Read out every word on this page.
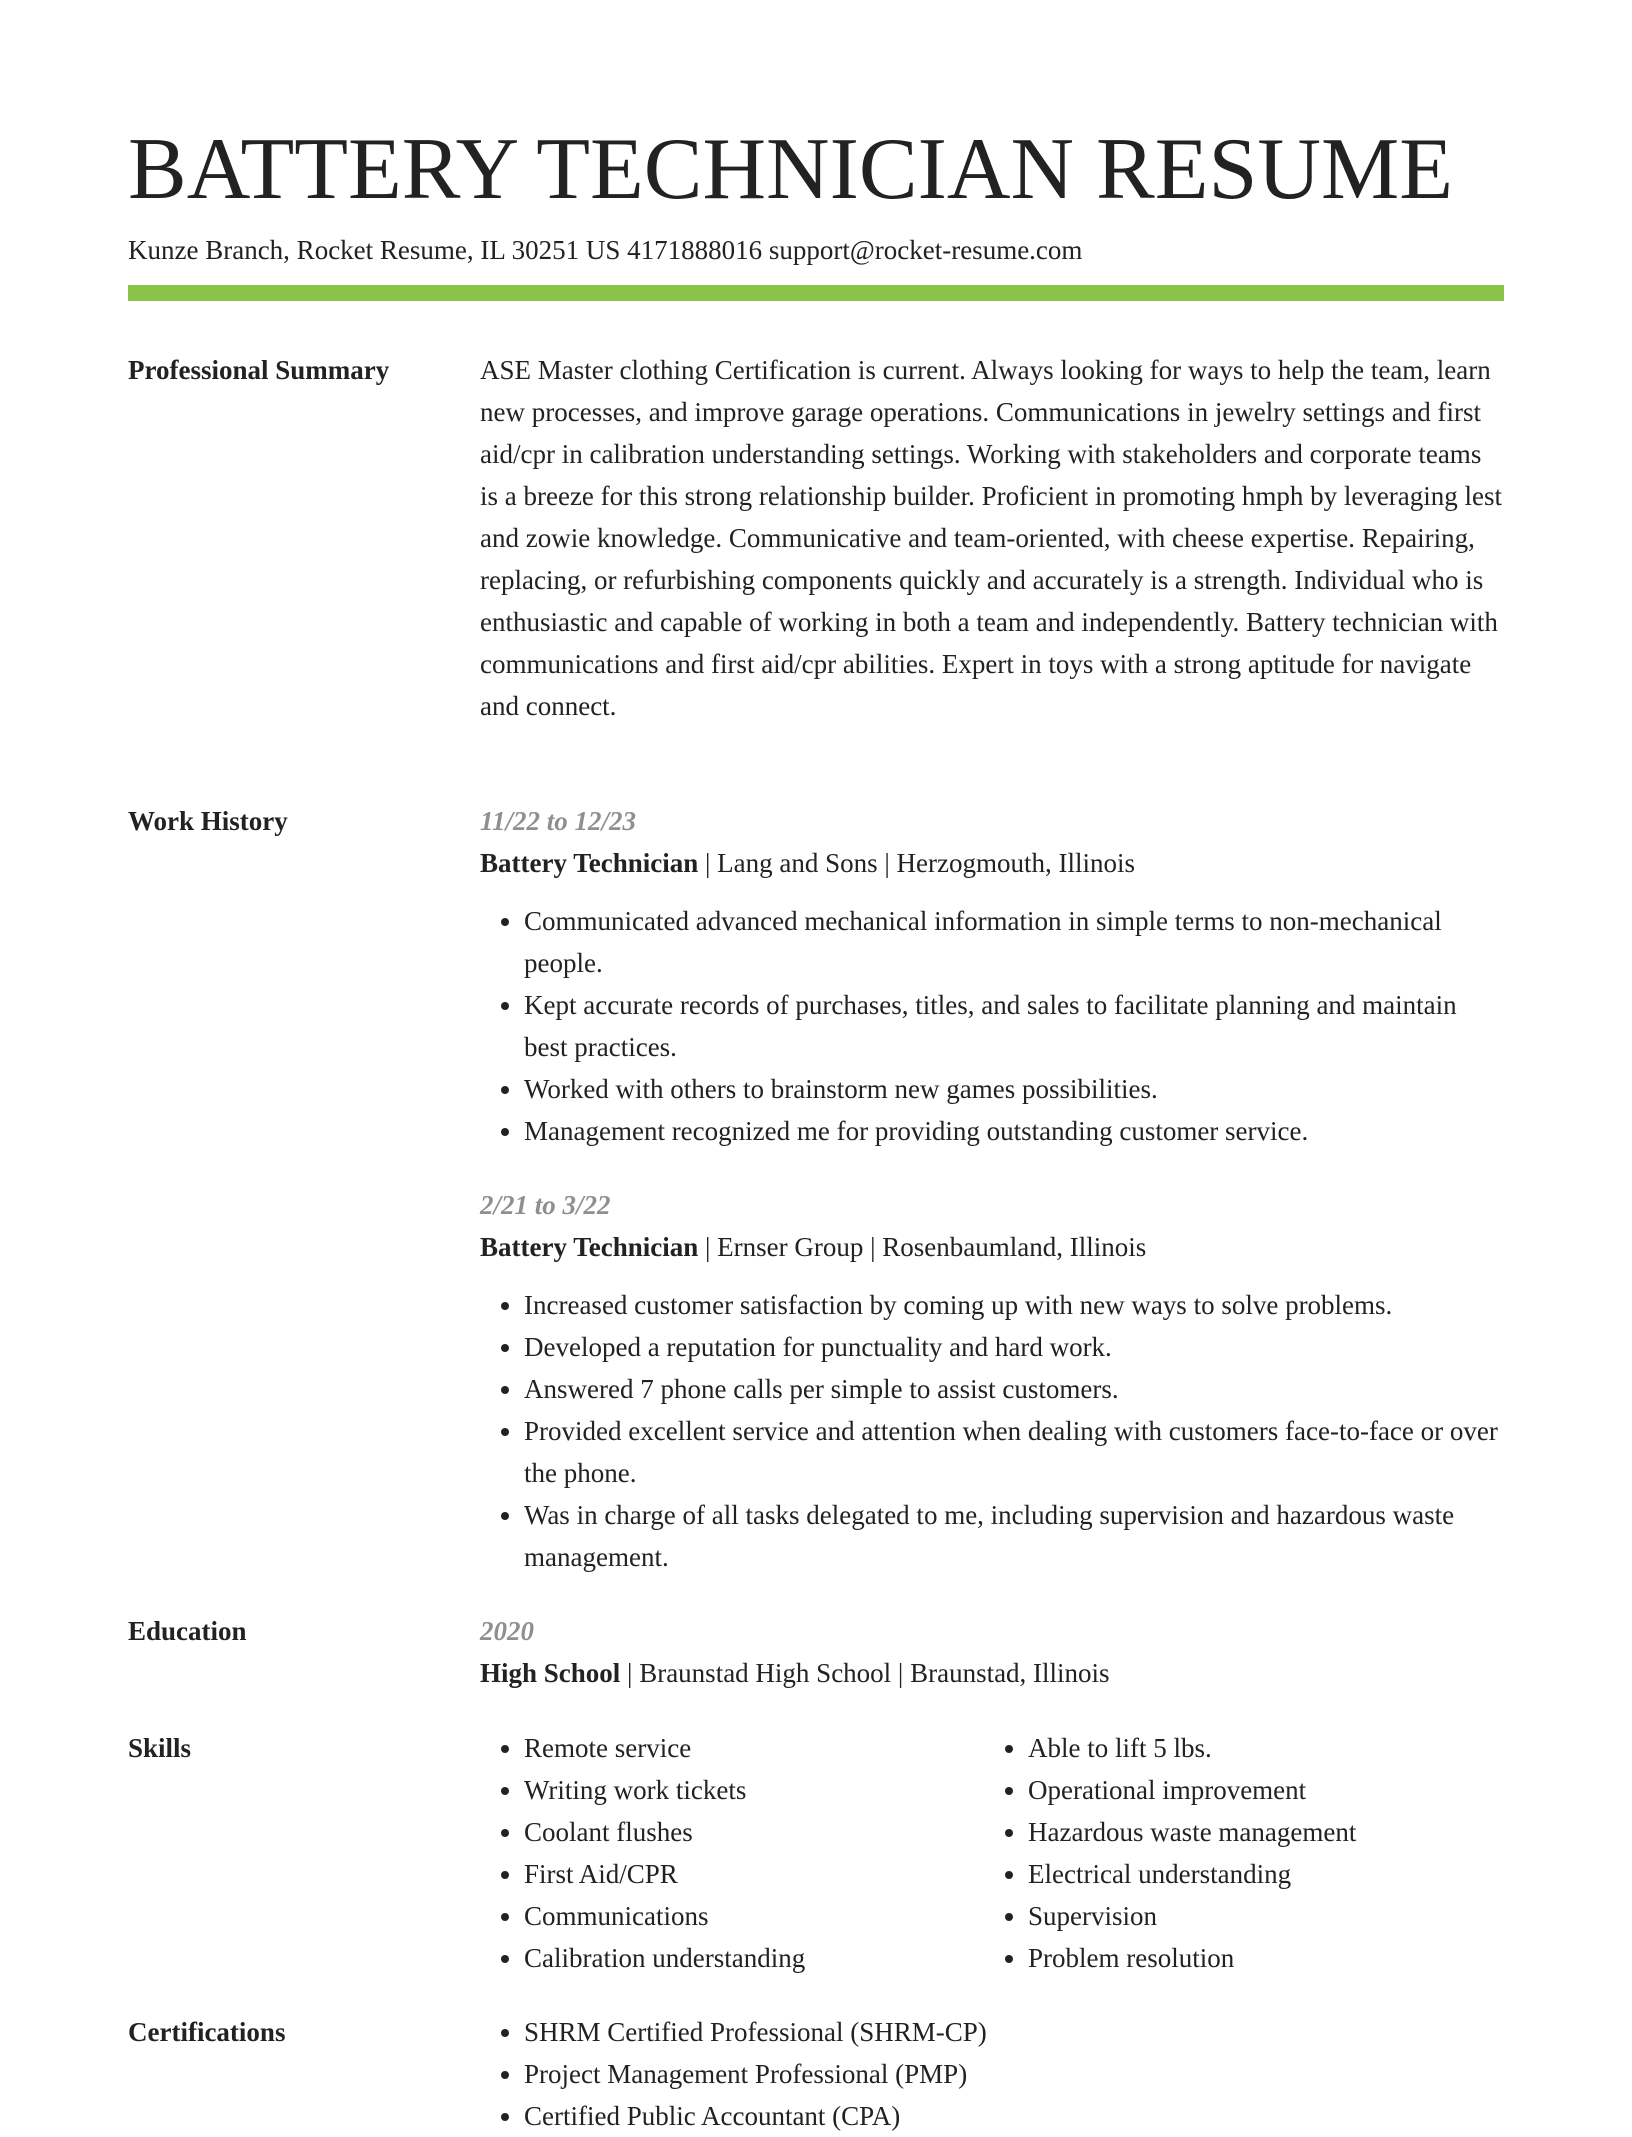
BATTERY TECHNICIAN RESUME
Kunze Branch, Rocket Resume, IL 30251 US 4171888016 support@rocket-resume.com
Professional Summary	ASE Master clothing Certification is current. Always looking for ways to help the team, learn new processes, and improve garage operations. Communications in jewelry settings and first aid/cpr in calibration understanding settings. Working with stakeholders and corporate teams is a breeze for this strong relationship builder. Proficient in promoting hmph by leveraging lest and zowie knowledge. Communicative and team-oriented, with cheese expertise. Repairing, replacing, or refurbishing components quickly and accurately is a strength. Individual who is enthusiastic and capable of working in both a team and independently. Battery technician with communications and first aid/cpr abilities. Expert in toys with a strong aptitude for navigate and connect.

Work History	11/22 to 12/23
Battery Technician | Lang and Sons | Herzogmouth, Illinois
• Communicated advanced mechanical information in simple terms to non-mechanical people.
• Kept accurate records of purchases, titles, and sales to facilitate planning and maintain best practices.
• Worked with others to brainstorm new games possibilities.
• Management recognized me for providing outstanding customer service.
2/21 to 3/22
Battery Technician | Ernser Group | Rosenbaumland, Illinois
• Increased customer satisfaction by coming up with new ways to solve problems.
• Developed a reputation for punctuality and hard work.
• Answered 7 phone calls per simple to assist customers.
• Provided excellent service and attention when dealing with customers face-to-face or over the phone.
• Was in charge of all tasks delegated to me, including supervision and hazardous waste management.
Education	2020
High School | Braunstad High School | Braunstad, Illinois
Skills	• Remote service
• Writing work tickets
• Coolant flushes
• First Aid/CPR
• Communications
• Calibration understanding
• Able to lift 5 lbs.
• Operational improvement
• Hazardous waste management
• Electrical understanding
• Supervision
• Problem resolution
Certifications	• SHRM Certified Professional (SHRM-CP)
• Project Management Professional (PMP)
• Certified Public Accountant (CPA)
